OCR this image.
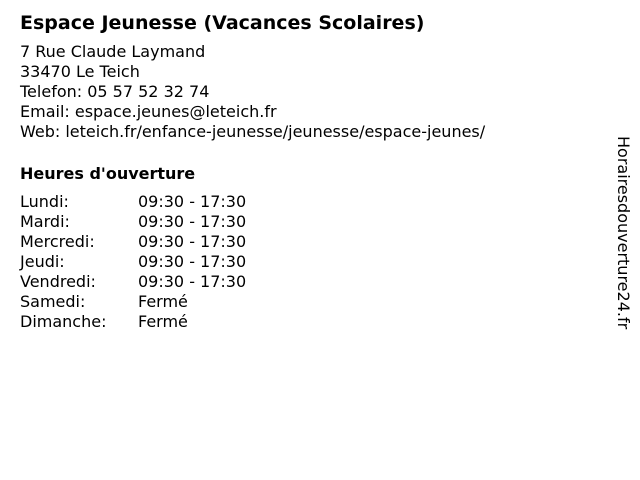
Espace Jeunesse (Vacances Scolaires)
7 Rue Claude Laymand
33470 Le Teich
Telefon: 05 57 52 32 74
Email: espace.jeunes@leteich.fr
Web: leteich.fr/enfance-jeunesse/jeunesse/espace-jeunes/
Heures d'ouverture
Lundi:	09:30 - 17:30
Mardi:	09:30 - 17:30
Mercredi:	09:30 - 17:30
Jeudi:	09:30 - 17:30
Vendredi:	09:30 - 17:30
Samedi:	Fermé
Dimanche:	Fermé	Horairesdouverture24.fr
